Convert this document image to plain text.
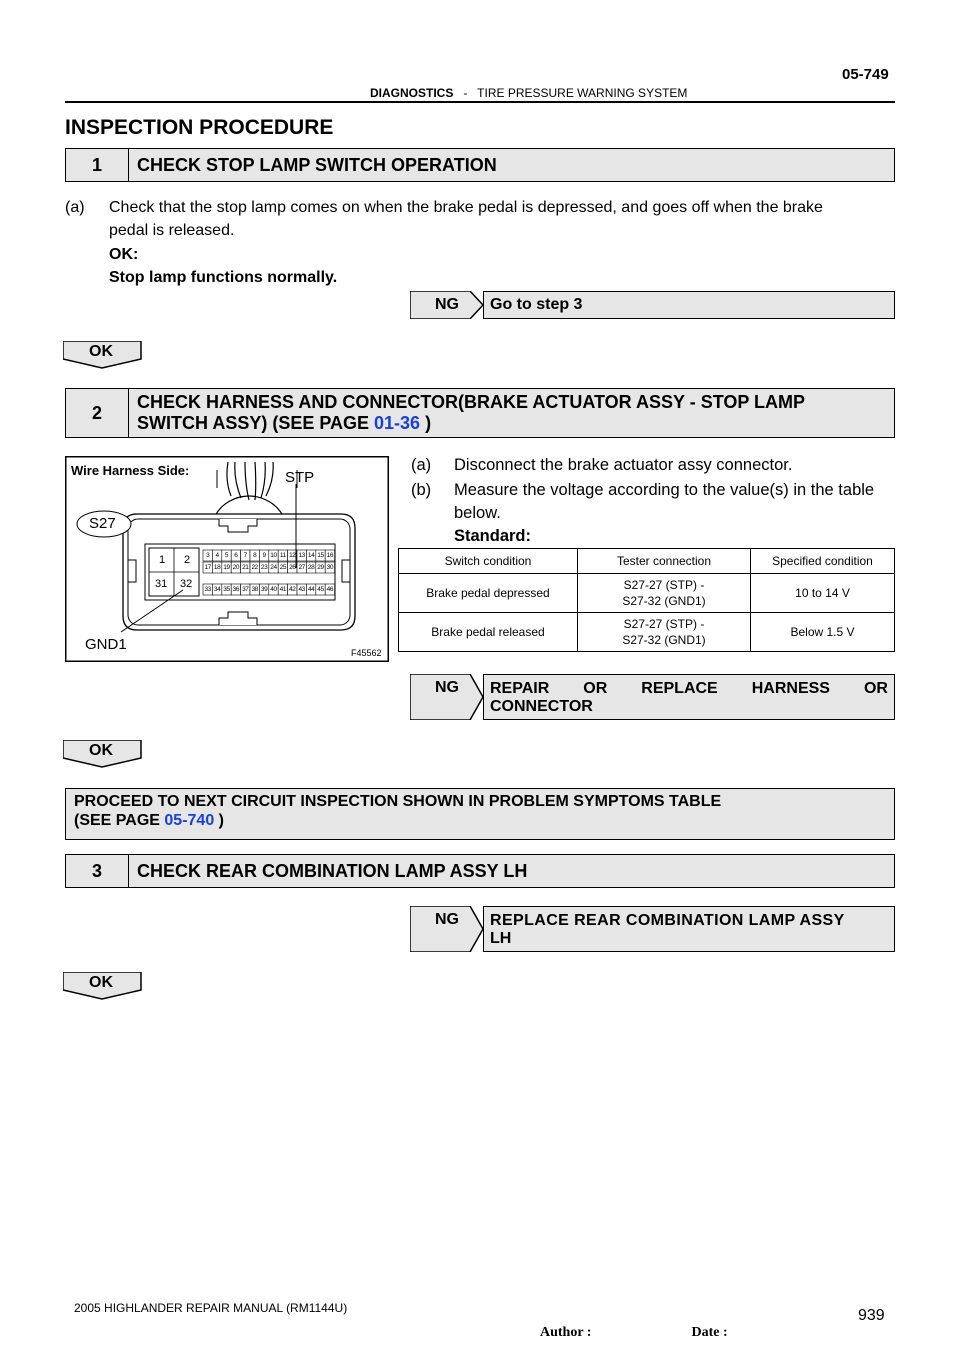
DIAGNOSTICS - TIRE PRESSURE WARNING SYSTEM
05-749
INSPECTION PROCEDURE
1	CHECK STOP LAMP SWITCH OPERATION
(a) Check that the stop lamp comes on when the brake pedal is depressed, and goes off when the brake
pedal is released.
OK:
Stop lamp functions normally.
NG	Go to step 3
OK
2
CHECK HARNESS AND CONNECTOR(BRAKE ACTUATOR ASSY - STOP LAMP
SWITCH ASSY) (SEE PAGE 01-36 )
Wire Harness Side:	STP
S27
GND1	F45562
1 2
31 32
3 4 5 6 7 8 9 10 11 12 13 14 15 16
17 18 19 20 21 22 23 24 25 26 27 28 29 30
33 34 35 36 37 38 39 40 41 42 43 44 45 46
(a) Disconnect the brake actuator assy connector.
(b) Measure the voltage according to the value(s) in the table
below.
Standard:
Switch condition	Tester connection	Specified condition
Brake pedal depressed	S27-27 (STP) -
S27-32 (GND1)	10 to 14 V
Brake pedal released	S27-27 (STP) -
S27-32 (GND1)	Below 1.5 V
NG	REPAIR OR REPLACE HARNESS OR
CONNECTOR
OK
PROCEED TO NEXT CIRCUIT INSPECTION SHOWN IN PROBLEM SYMPTOMS TABLE
(SEE PAGE 05-740 )
3	CHECK REAR COMBINATION LAMP ASSY LH
NG	REPLACE REAR COMBINATION LAMP ASSY
LH
OK
2005 HIGHLANDER REPAIR MANUAL (RM1144U)	939
Author :	Date :
